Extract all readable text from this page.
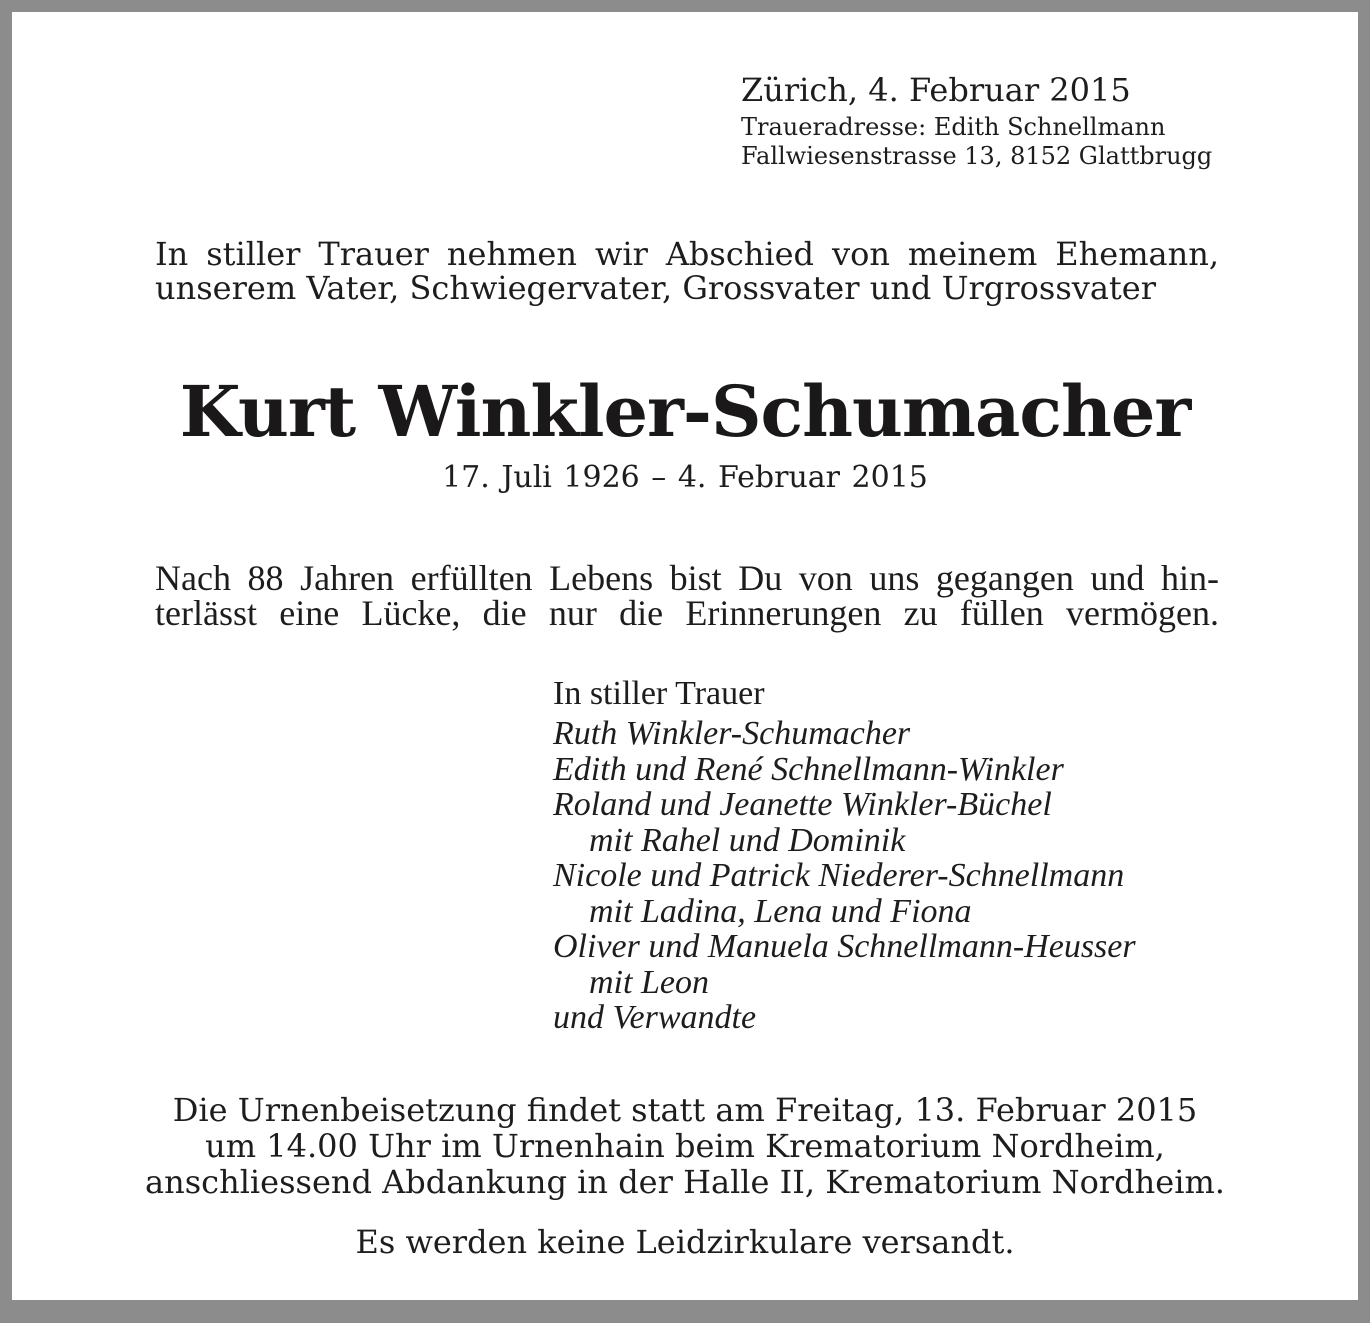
Zürich, 4. Februar 2015
Traueradresse: Edith Schnellmann
Fallwiesenstrasse 13, 8152 Glattbrugg
In stiller Trauer nehmen wir Abschied von meinem Ehemann,
unserem Vater, Schwiegervater, Grossvater und Urgrossvater
Kurt Winkler-Schumacher
17. Juli 1926 – 4. Februar 2015
Nach 88 Jahren erfüllten Lebens bist Du von uns gegangen und hin-
terlässt eine Lücke, die nur die Erinnerungen zu füllen vermögen.
In stiller Trauer
Ruth Winkler-Schumacher
Edith und René Schnellmann-Winkler
Roland und Jeanette Winkler-Büchel
mit Rahel und Dominik
Nicole und Patrick Niederer-Schnellmann
mit Ladina, Lena und Fiona
Oliver und Manuela Schnellmann-Heusser
mit Leon
und Verwandte
Die Urnenbeisetzung findet statt am Freitag, 13. Februar 2015
um 14.00 Uhr im Urnenhain beim Krematorium Nordheim,
anschliessend Abdankung in der Halle II, Krematorium Nordheim.
Es werden keine Leidzirkulare versandt.
